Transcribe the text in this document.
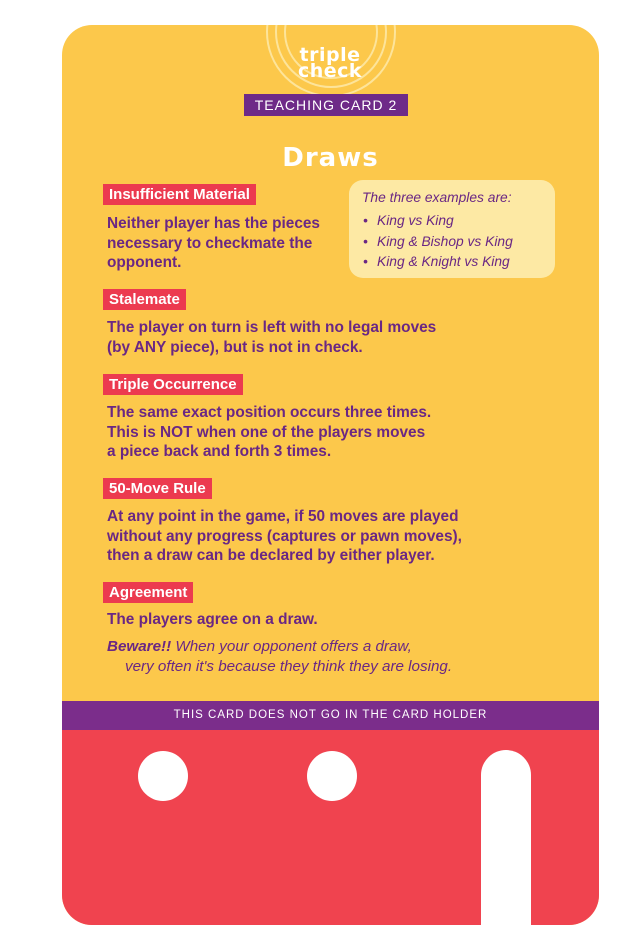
triple
check
TEACHING CARD 2
Draws
Insufficient Material
Neither player has the pieces
necessary to checkmate the
opponent.
The three examples are:
• King vs King
• King & Bishop vs King
• King & Knight vs King
Stalemate
The player on turn is left with no legal moves
(by ANY piece), but is not in check.
Triple Occurrence
The same exact position occurs three times.
This is NOT when one of the players moves
a piece back and forth 3 times.
50-Move Rule
At any point in the game, if 50 moves are played
without any progress (captures or pawn moves),
then a draw can be declared by either player.
Agreement
The players agree on a draw.
Beware!! When your opponent offers a draw,
very often it's because they think they are losing.
THIS CARD DOES NOT GO IN THE CARD HOLDER
